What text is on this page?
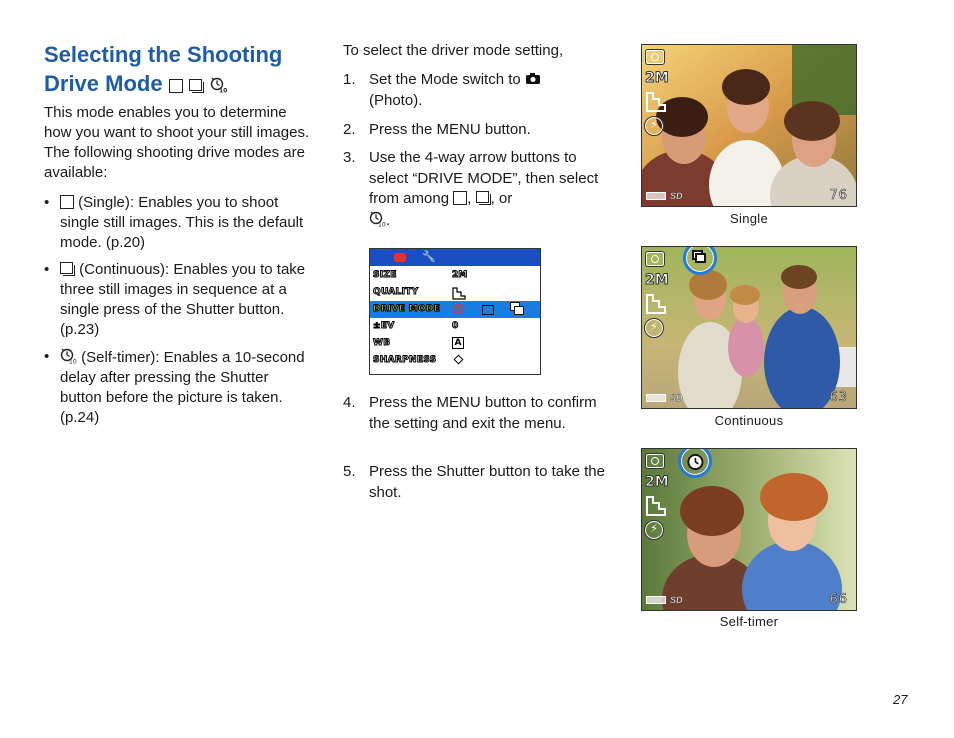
Selecting the Shooting
Drive Mode

This mode enables you to determine how you want to shoot your still images. The following shooting drive modes are available:

• (Single): Enables you to shoot single still images. This is the default mode. (p.20)
• (Continuous): Enables you to take three still images in sequence at a single press of the Shutter button. (p.23)
• (Self-timer): Enables a 10-second delay after pressing the Shutter button before the picture is taken. (p.24)

To select the driver mode setting,

1. Set the Mode switch to
(Photo).
2. Press the MENU button.
3. Use the 4-way arrow buttons to select “DRIVE MODE”, then select from among , , or
.
🔧
SIZE	2M
QUALITY
DRIVE MODE
±EV	0
WB	A
SHARPNESS
4. Press the MENU button to confirm the setting and exit the menu.
5. Press the Shutter button to take the shot.
2M
⚡
SD	76
Single
2M
⚡
SD	63
Continuous
2M
⚡
SD	66
Self-timer
27
